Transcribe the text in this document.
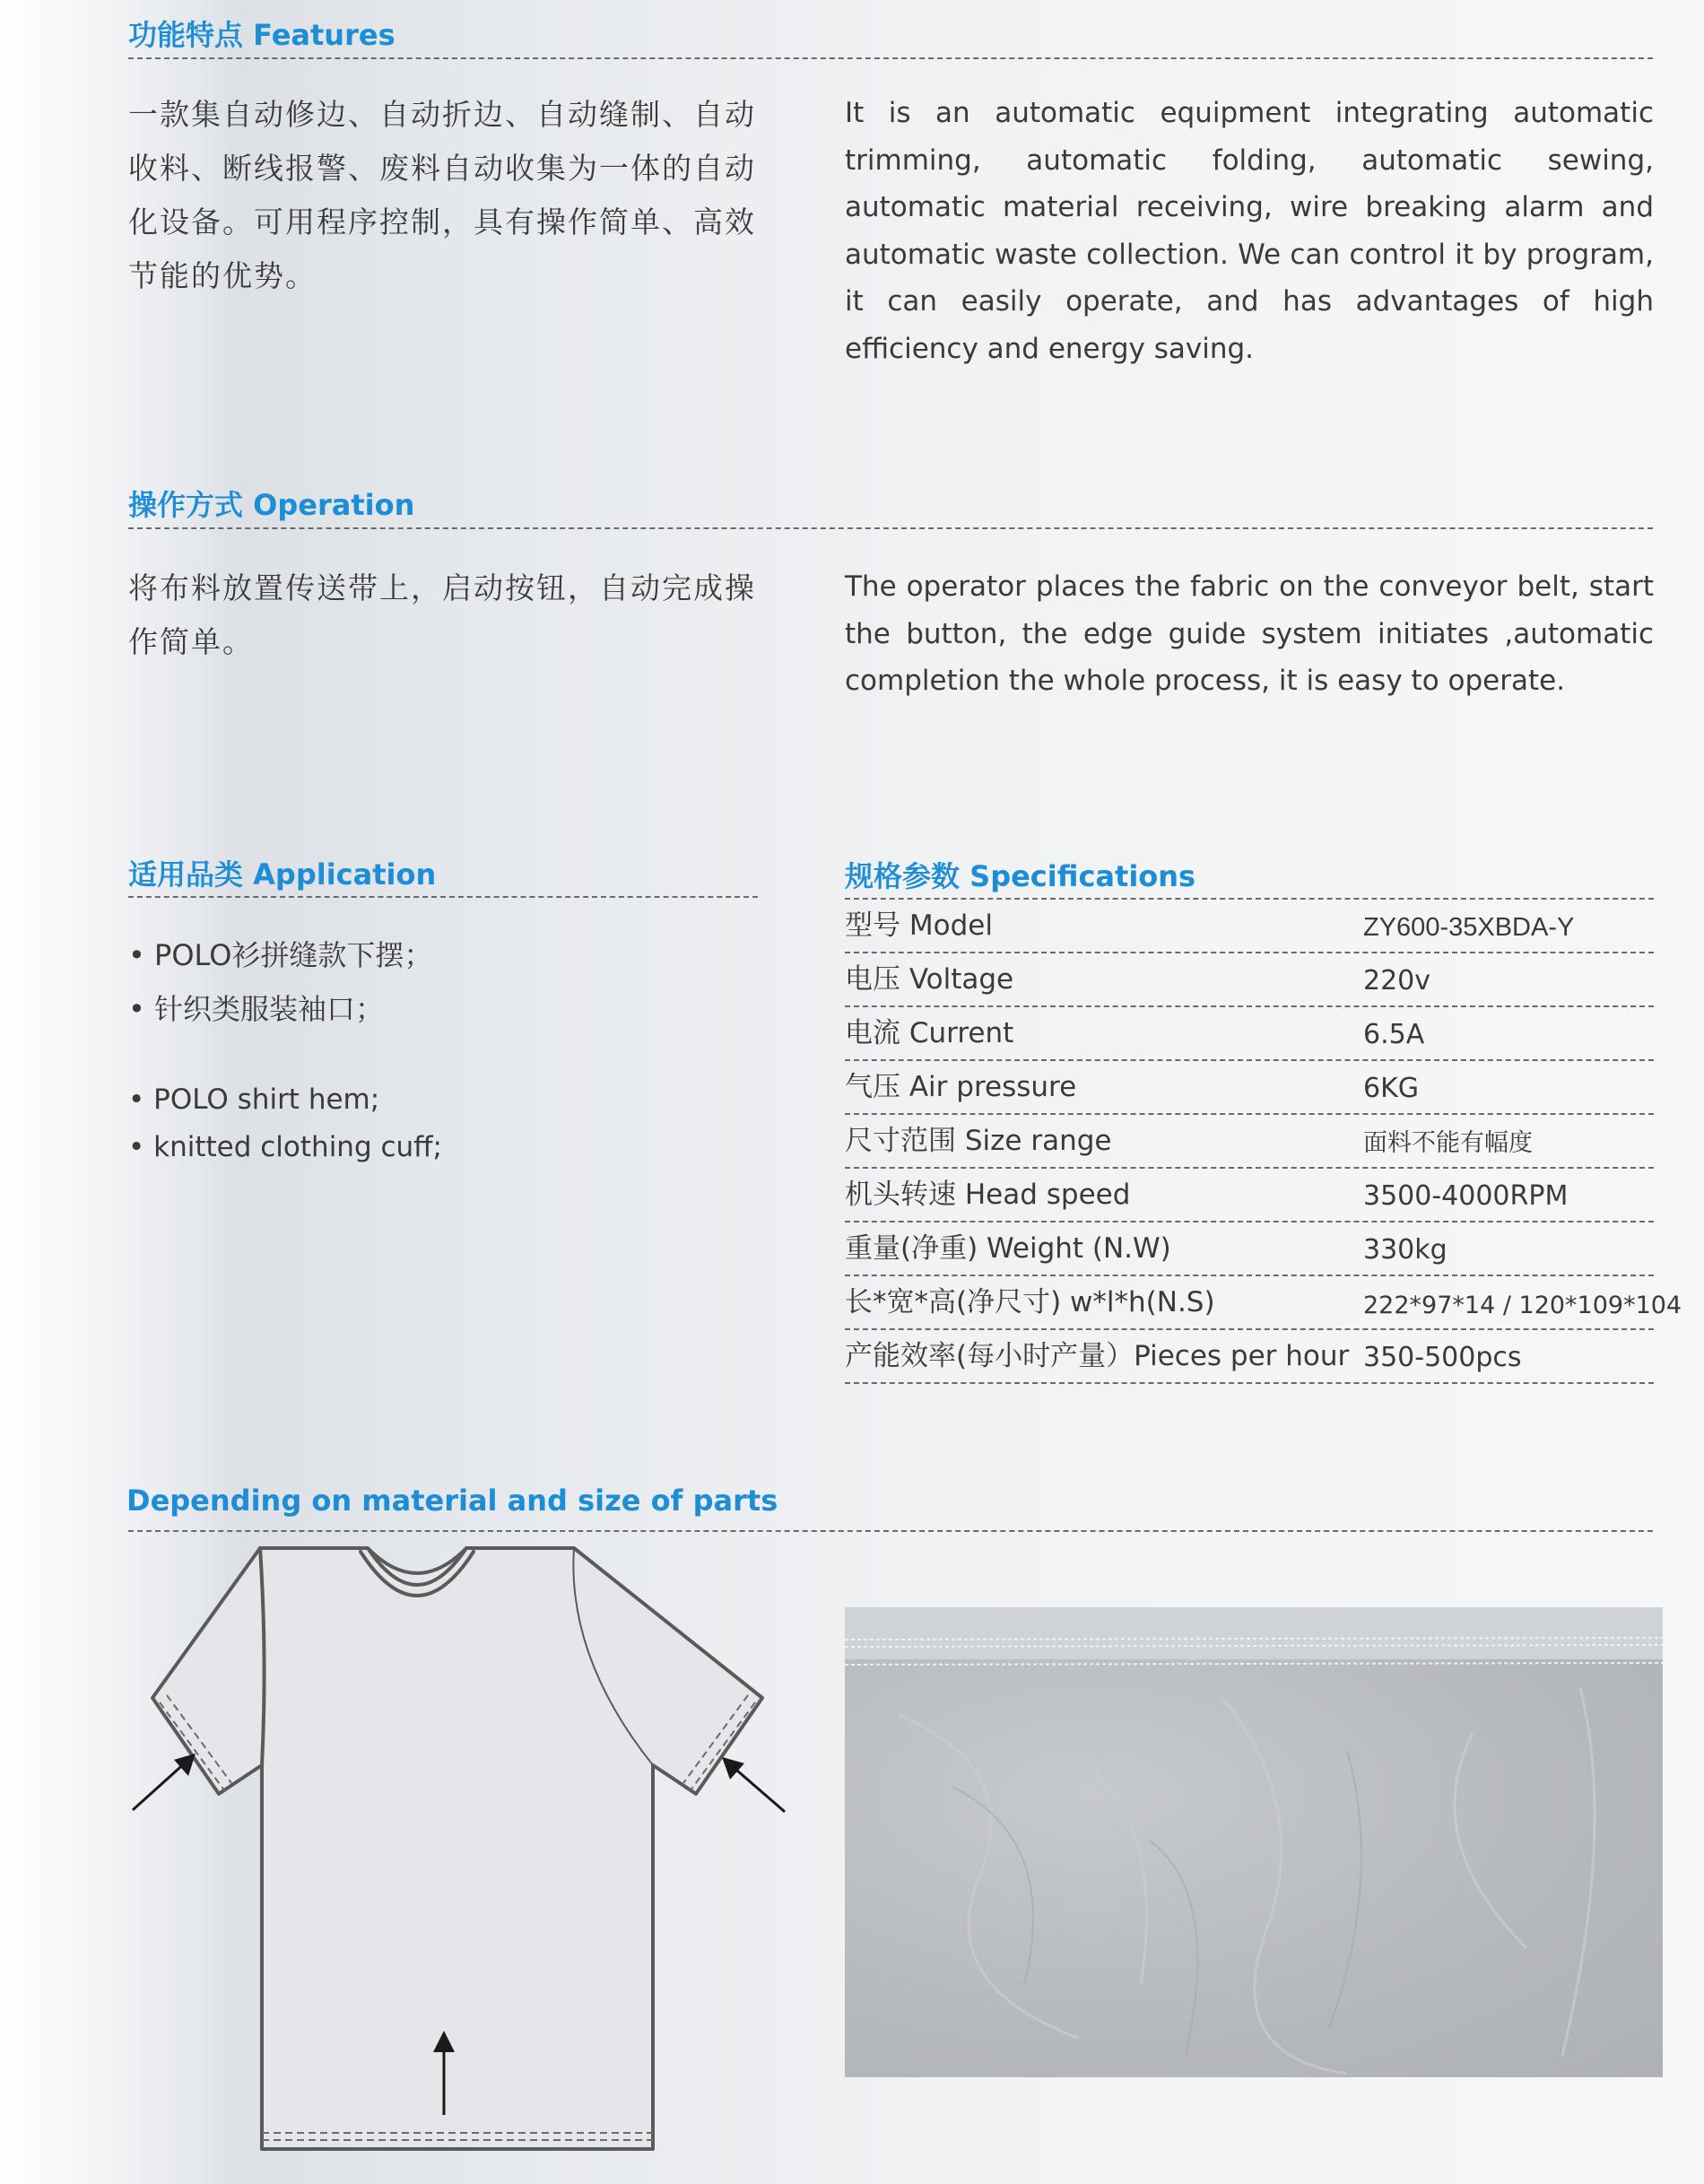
功能特点 Features
一款集自动修边、自动折边、自动缝制、自动
收料、断线报警、废料自动收集为一体的自动
化设备。可用程序控制，具有操作简单、高效
节能的优势。
It is an automatic equipment integrating automatic trimming, automatic folding, automatic sewing, automatic material receiving, wire breaking alarm and automatic waste collection. We can control it by program, it can easily operate, and has advantages of high efficiency and energy saving.
操作方式 Operation
将布料放置传送带上，启动按钮，自动完成操
作简单。
The operator places the fabric on the conveyor belt, start the button, the edge guide system initiates ,automatic completion the whole process, it is easy to operate.
适用品类 Application
• POLO衫拼缝款下摆；
• 针织类服装袖口；
• POLO shirt hem;
• knitted clothing cuff;
规格参数 Specifications
型号 Model	ZY600-35XBDA-Y
电压 Voltage	220v
电流 Current	6.5A
气压 Air pressure	6KG
尺寸范围 Size range	面料不能有幅度
机头转速 Head speed	3500-4000RPM
重量(净重) Weight (N.W)	330kg
长*宽*高(净尺寸) w*l*h(N.S)	222*97*14 / 120*109*104
产能效率(每小时产量）Pieces per hour 350-500pcs
Depending on material and size of parts
